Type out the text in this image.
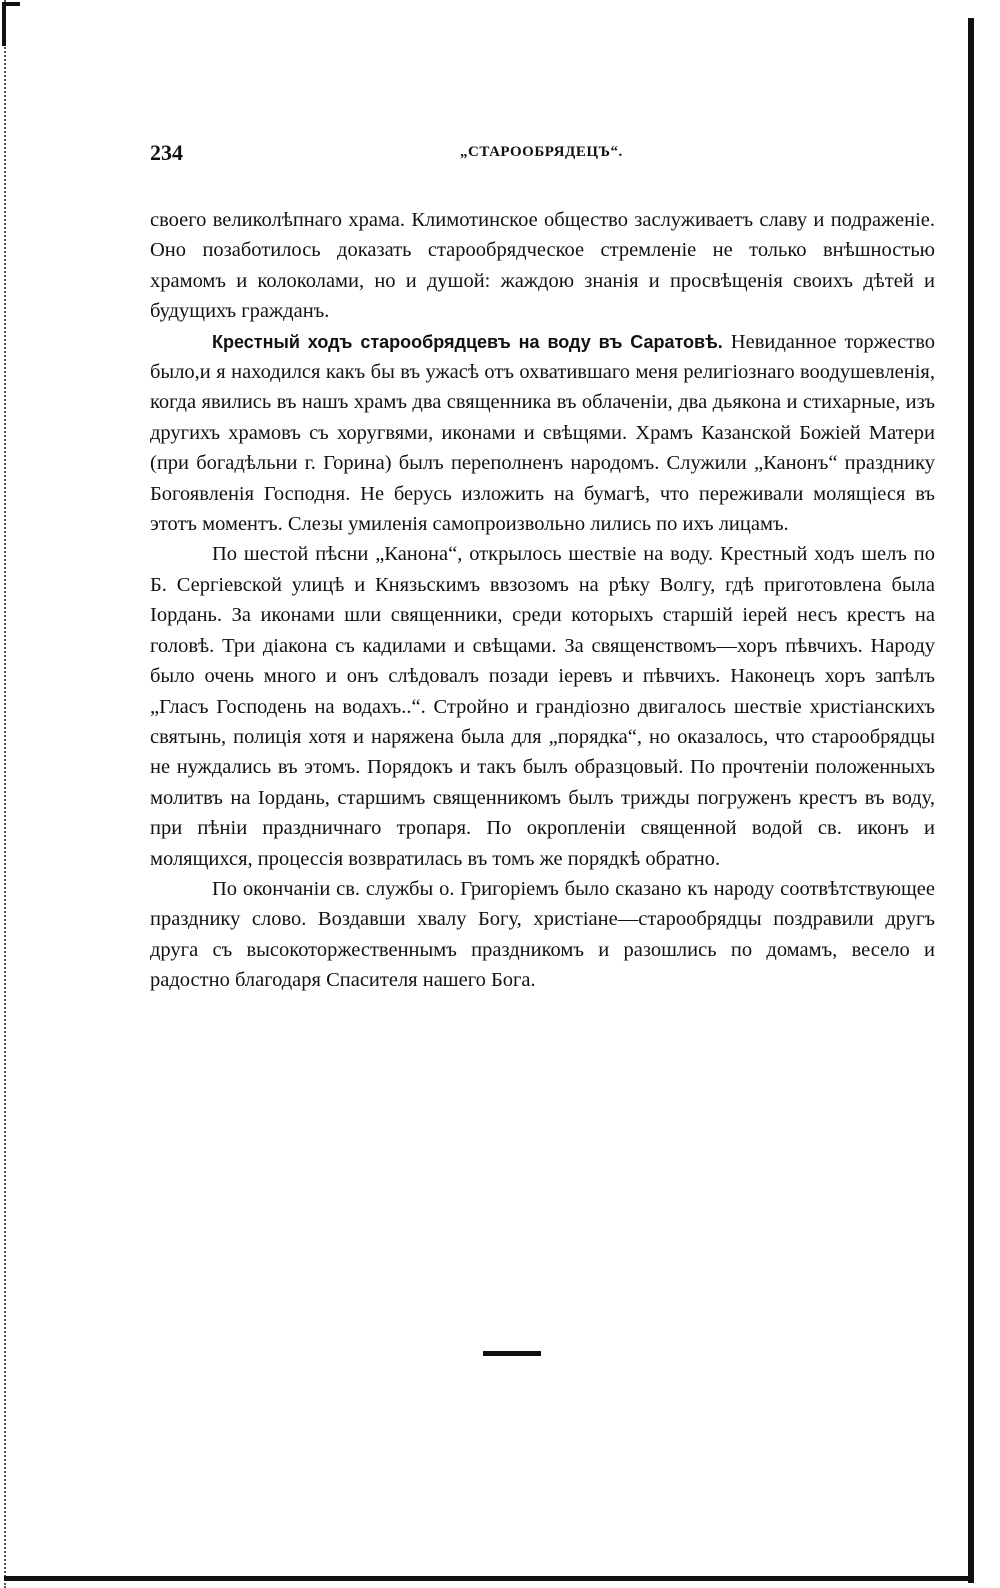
234	„СТАРООБРЯДЕЦЪ“.

своего великолѣпнаго храма. Климотинское общество заслуживаетъ славу и подраженіе. Оно позаботилось доказать старообрядческое стремленіе не только внѣшностью храмомъ и колоколами, но и душой: жаждою знанія и просвѣщенія своихъ дѣтей и будущихъ гражданъ.

Крестный ходъ старообрядцевъ на воду въ Саратовѣ. Невиданное торжество было,и я находился какъ бы въ ужасѣ отъ охватившаго меня религіознаго воодушевленія, когда явились въ нашъ храмъ два священника въ облаченіи, два дьякона и стихарные, изъ другихъ храмовъ съ хоругвями, иконами и свѣщями. Храмъ Казанской Божіей Матери (при богадѣльни г. Горина) былъ переполненъ народомъ. Служили „Канонъ“ празднику Богоявленія Господня. Не берусь изложить на бумагѣ, что переживали молящіеся въ этотъ моментъ. Слезы умиленія самопроизвольно лились по ихъ лицамъ.

По шестой пѣсни „Канона“, открылось шествіе на воду. Крестный ходъ шелъ по Б. Сергіевской улицѣ и Князьскимъ ввзозомъ на рѣку Волгу, гдѣ приготовлена была Іордань. За иконами шли священники, среди которыхъ старшій іерей несъ крестъ на головѣ. Три діакона съ кадилами и свѣщами. За священствомъ—хоръ пѣвчихъ. Народу было очень много и онъ слѣдовалъ позади іеревъ и пѣвчихъ. Наконецъ хоръ запѣлъ „Гласъ Господень на водахъ..“. Стройно и грандіозно двигалось шествіе христіанскихъ святынь, полиція хотя и наряжена была для „порядка“, но оказалось, что старообрядцы не нуждались въ этомъ. Порядокъ и такъ былъ образцовый. По прочтеніи положенныхъ молитвъ на Іордань, старшимъ священникомъ былъ трижды погруженъ крестъ въ воду, при пѣніи праздничнаго тропаря. По окропленіи священной водой св. иконъ и молящихся, процессія возвратилась въ томъ же порядкѣ обратно.

По окончаніи св. службы о. Григоріемъ было сказано къ народу соотвѣтствующее празднику слово. Воздавши хвалу Богу, христіане—старообрядцы поздравили другъ друга съ высокоторжественнымъ праздникомъ и разошлись по домамъ, весело и радостно благодаря Спасителя нашего Бога.
